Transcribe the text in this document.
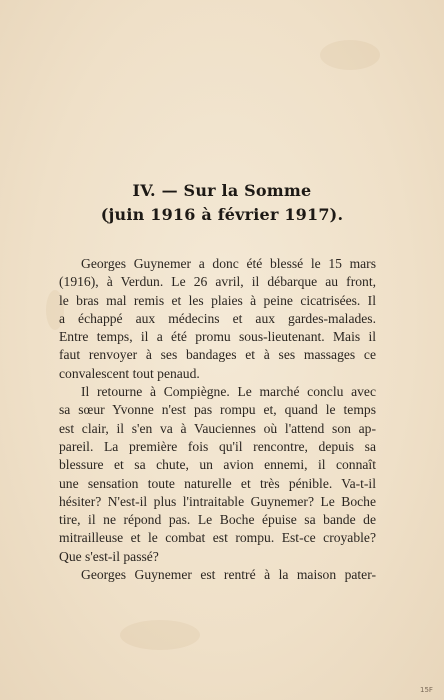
IV. — Sur la Somme
(juin 1916 à février 1917).
Georges Guynemer a donc été blessé le 15 mars
(1916), à Verdun. Le 26 avril, il débarque au front,
le bras mal remis et les plaies à peine cicatrisées. Il
a échappé aux médecins et aux gardes-malades.
Entre temps, il a été promu sous-lieutenant. Mais il
faut renvoyer à ses bandages et à ses massages ce
convalescent tout penaud.
Il retourne à Compiègne. Le marché conclu avec
sa sœur Yvonne n'est pas rompu et, quand le temps
est clair, il s'en va à Vauciennes où l'attend son ap-
pareil. La première fois qu'il rencontre, depuis sa
blessure et sa chute, un avion ennemi, il connaît
une sensation toute naturelle et très pénible. Va-t-il
hésiter? N'est-il plus l'intraitable Guynemer? Le Boche
tire, il ne répond pas. Le Boche épuise sa bande de
mitrailleuse et le combat est rompu. Est-ce croyable?
Que s'est-il passé?
Georges Guynemer est rentré à la maison pater-
15F
